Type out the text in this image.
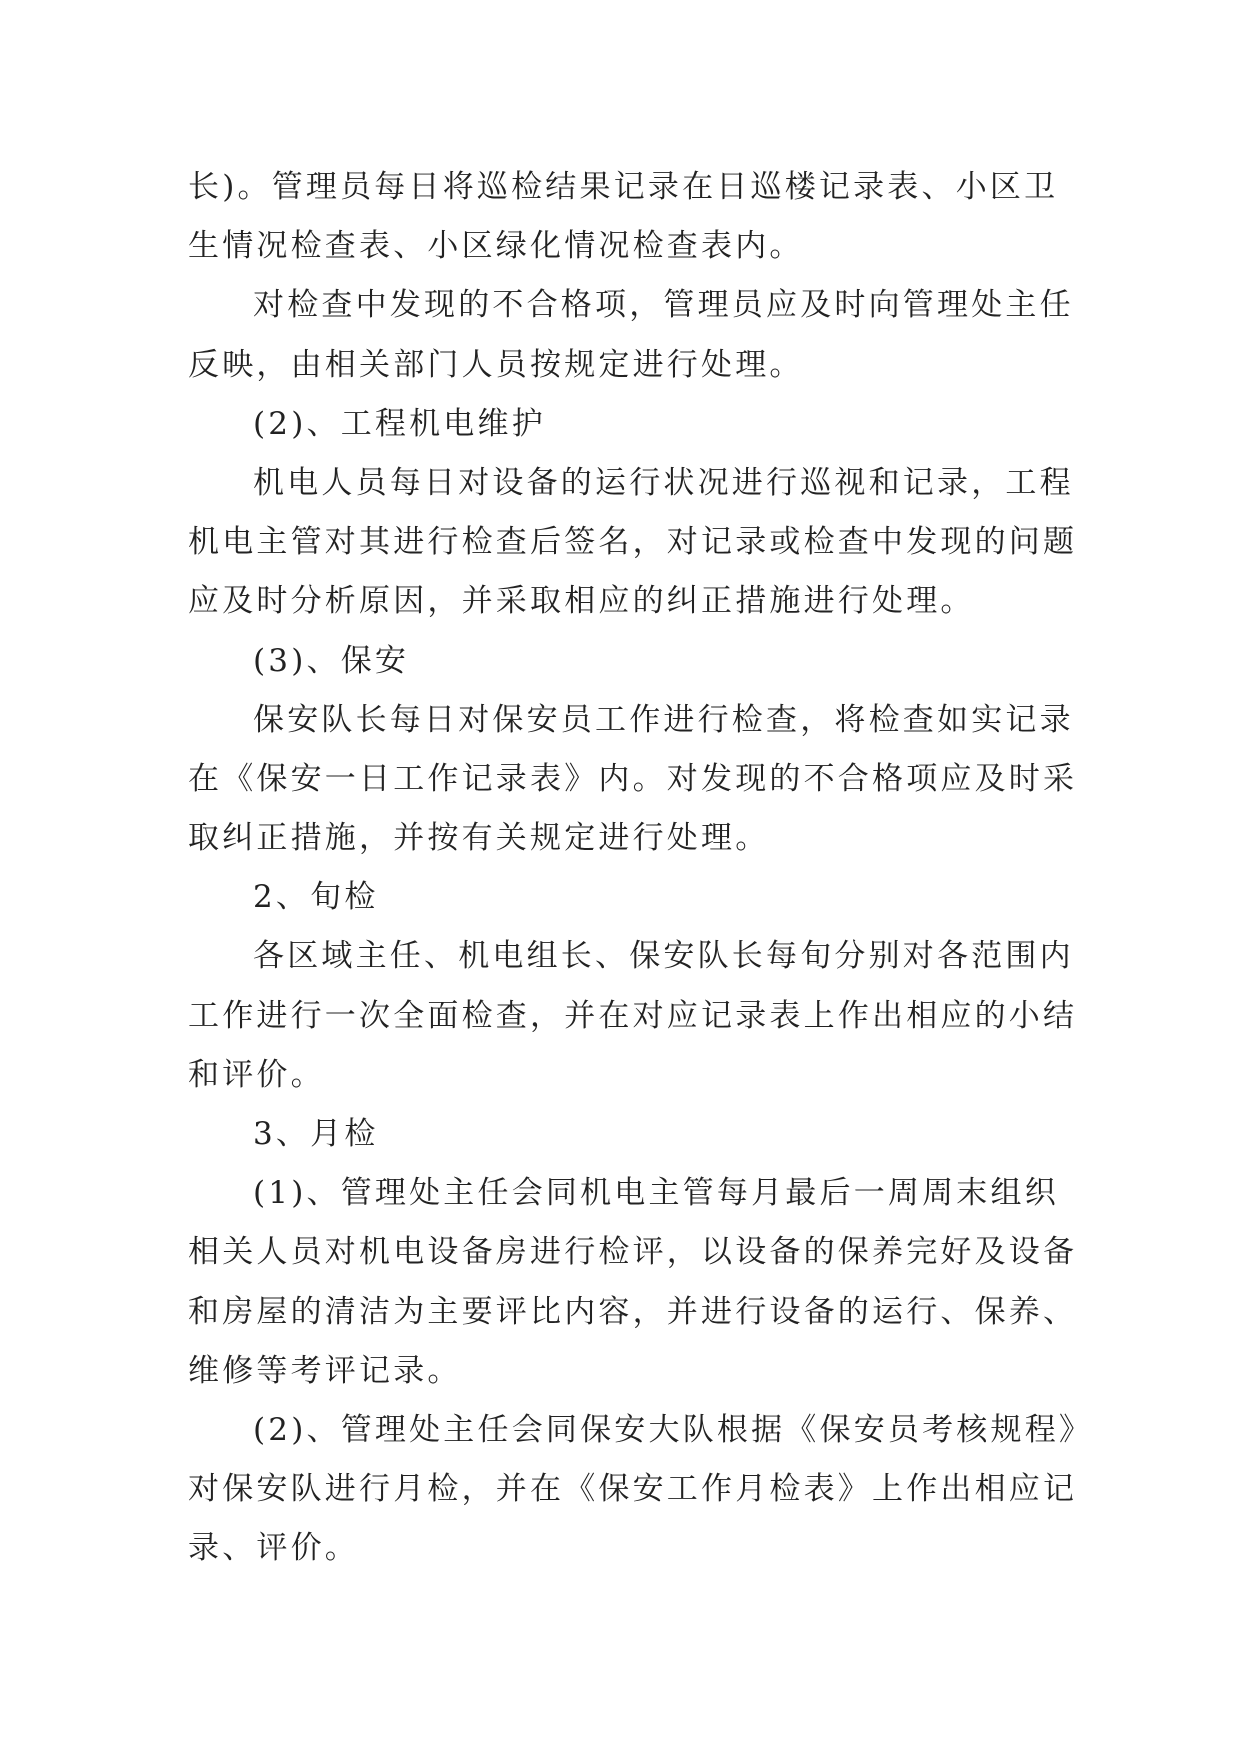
长)。管理员每日将巡检结果记录在日巡楼记录表、小区卫
生情况检查表、小区绿化情况检查表内。
对检查中发现的不合格项，管理员应及时向管理处主任
反映，由相关部门人员按规定进行处理。
(2)、工程机电维护
机电人员每日对设备的运行状况进行巡视和记录，工程
机电主管对其进行检查后签名，对记录或检查中发现的问题
应及时分析原因，并采取相应的纠正措施进行处理。
(3)、保安
保安队长每日对保安员工作进行检查，将检查如实记录
在《保安一日工作记录表》内。对发现的不合格项应及时采
取纠正措施，并按有关规定进行处理。
2、旬检
各区域主任、机电组长、保安队长每旬分别对各范围内
工作进行一次全面检查，并在对应记录表上作出相应的小结
和评价。
3、月检
(1)、管理处主任会同机电主管每月最后一周周末组织
相关人员对机电设备房进行检评，以设备的保养完好及设备
和房屋的清洁为主要评比内容，并进行设备的运行、保养、
维修等考评记录。
(2)、管理处主任会同保安大队根据《保安员考核规程》
对保安队进行月检，并在《保安工作月检表》上作出相应记
录、评价。
